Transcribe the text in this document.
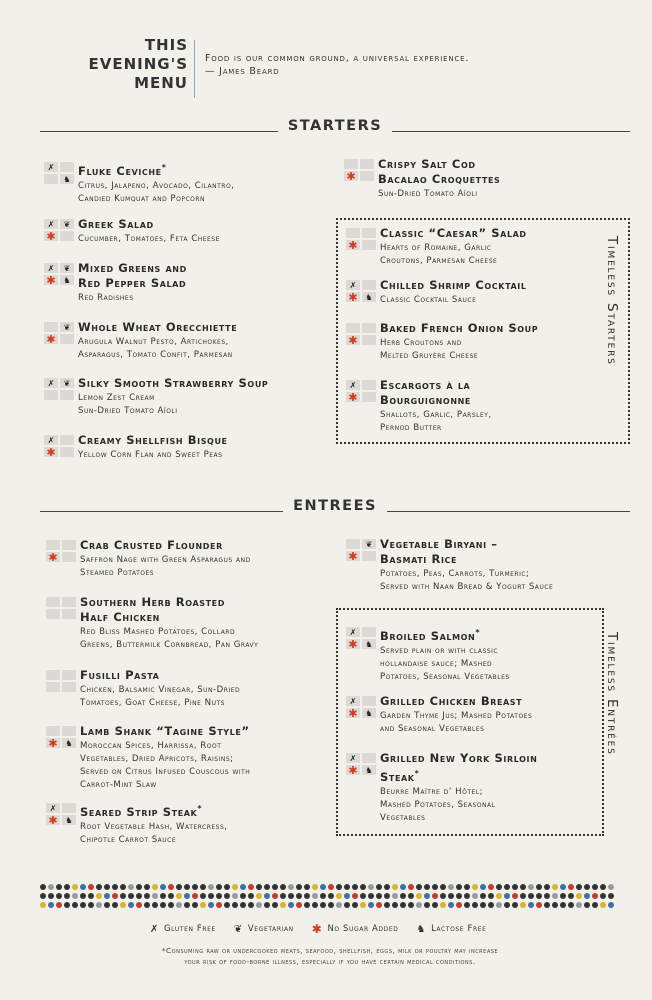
THIS
EVENING'S
MENU
Food is our common ground, a universal experience.
— James Beard
STARTERS
Timeless Starters
ENTREES
Timeless Entrées
✗
♞
Fluke Ceviche*
Citrus, Jalapeno, Avocado, Cilantro,
Candied Kumquat and Popcorn
✗	❦
✱
Greek Salad
Cucumber, Tomatoes, Feta Cheese
✗	❦
✱ ♞
Mixed Greens and
Red Pepper Salad
Red Radishes
❦
✱
Whole Wheat Orecchiette
Arugula Walnut Pesto, Artichokes,
Asparagus, Tomato Confit, Parmesan
✗	❦ Silky Smooth Strawberry Soup
Lemon Zest Cream
Sun-Dried Tomato Aïoli
✗
✱
Creamy Shellfish Bisque
Yellow Corn Flan and Sweet Peas
✱
Crispy Salt Cod
Bacalao Croquettes
Sun-Dried Tomato Aïoli
✱
Classic “Caesar” Salad
Hearts of Romaine, Garlic
Croutons, Parmesan Cheese
✗
✱ ♞
Chilled Shrimp Cocktail
Classic Cocktail Sauce
✱
Baked French Onion Soup
Herb Croutons and
Melted Gruyère Cheese
✗
✱
Escargots à la
Bourguignonne
Shallots, Garlic, Parsley,
Pernod Butter
✱
Crab Crusted Flounder
Saffron Nage with Green Asparagus and
Steamed Potatoes
Southern Herb Roasted
Half Chicken
Red Bliss Mashed Potatoes, Collard
Greens, Buttermilk Cornbread, Pan Gravy
Fusilli Pasta
Chicken, Balsamic Vinegar, Sun-Dried
Tomatoes, Goat Cheese, Pine Nuts
✱ ♞
Lamb Shank “Tagine Style”
Moroccan Spices, Harrissa, Root
Vegetables, Dried Apricots, Raisins;
Served on Citrus Infused Couscous with
Carrot-Mint Slaw
✗
✱ ♞
Seared Strip Steak*
Root Vegetable Hash, Watercress,
Chipotle Carrot Sauce
❦
✱
Vegetable Biryani –
Basmati Rice
Potatoes, Peas, Carrots, Turmeric;
Served with Naan Bread & Yogurt Sauce
✗
✱ ♞
Broiled Salmon*
Served plain or with classic
hollandaise sauce; Mashed
Potatoes, Seasonal Vegetables
✗
✱ ♞
Grilled Chicken Breast
Garden Thyme Jus; Mashed Potatoes
and Seasonal Vegetables
✗
✱ ♞
Grilled New York Sirloin
Steak*
Beurre Maître d’ Hôtel;
Mashed Potatoes, Seasonal
Vegetables
✗ Gluten Free ❦ Vegetarian ✱ No Sugar Added ♞ Lactose Free
*Consuming raw or undercooked meats, seafood, shellfish, eggs, milk or poultry may increase
your risk of food-borne illness, especially if you have certain medical conditions.
